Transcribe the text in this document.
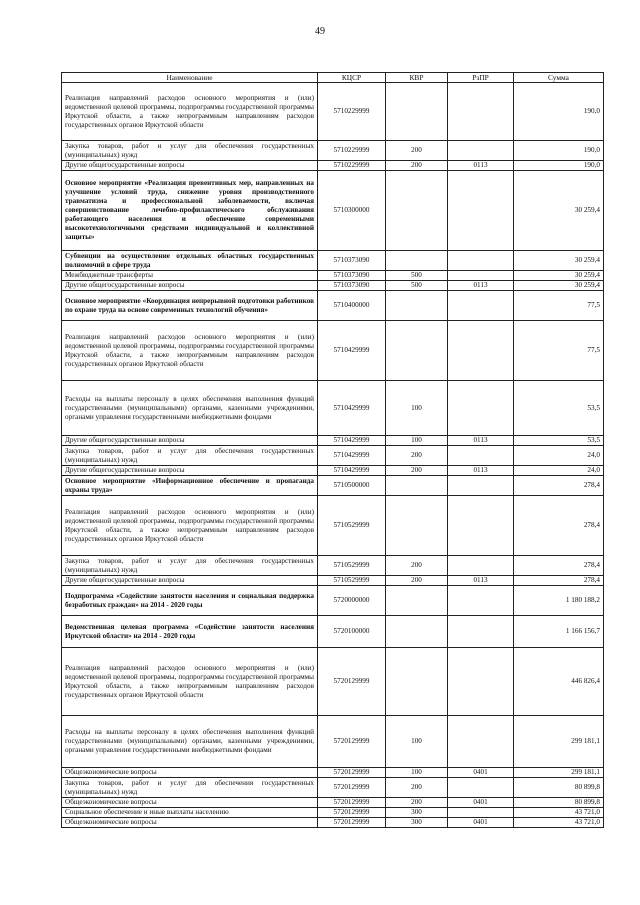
49
Наименование	КЦСР	КВР	РзПР	Сумма
Реализация направлений расходов основного мероприятия и (или) ведомственной целевой программы, подпрограммы государственной программы Иркутской области, а также непрограммным направлениям расходов государственных органов Иркутской области	5710229999			190,0
Закупка товаров, работ и услуг для обеспечения государственных (муниципальных) нужд	5710229999	200		190,0
Другие общегосударственные вопросы	5710229999	200	0113	190,0
Основное мероприятие «Реализация превентивных мер, направленных на улучшение условий труда, снижение уровня производственного травматизма и профессиональной заболеваемости, включая совершенствование лечебно-профилактического обслуживания работающего населения и обеспечение современными высокотехнологичными средствами индивидуальной и коллективной защиты»	5710300000			30 259,4
Субвенции на осуществление отдельных областных государственных полномочий в сфере труда	5710373090			30 259,4
Межбюджетные трансферты	5710373090	500		30 259,4
Другие общегосударственные вопросы	5710373090	500	0113	30 259,4
Основное мероприятие «Координация непрерывной подготовки работников по охране труда на основе современных технологий обучения»	5710400000			77,5
Реализация направлений расходов основного мероприятия и (или) ведомственной целевой программы, подпрограммы государственной программы Иркутской области, а также непрограммным направлениям расходов государственных органов Иркутской области	5710429999			77,5
Расходы на выплаты персоналу в целях обеспечения выполнения функций государственными (муниципальными) органами, казенными учреждениями, органами управления государственными внебюджетными фондами	5710429999	100		53,5
Другие общегосударственные вопросы	5710429999	100	0113	53,5
Закупка товаров, работ и услуг для обеспечения государственных (муниципальных) нужд	5710429999	200		24,0
Другие общегосударственные вопросы	5710429999	200	0113	24,0
Основное мероприятие «Информационное обеспечение и пропаганда охраны труда»	5710500000			278,4
Реализация направлений расходов основного мероприятия и (или) ведомственной целевой программы, подпрограммы государственной программы Иркутской области, а также непрограммным направлениям расходов государственных органов Иркутской области	5710529999			278,4
Закупка товаров, работ и услуг для обеспечения государственных (муниципальных) нужд	5710529999	200		278,4
Другие общегосударственные вопросы	5710529999	200	0113	278,4
Подпрограмма «Содействие занятости населения и социальная поддержка безработных граждан» на 2014 - 2020 годы	5720000000			1 180 188,2
Ведомственная целевая программа «Содействие занятости населения Иркутской области» на 2014 - 2020 годы	5720100000			1 166 156,7
Реализация направлений расходов основного мероприятия и (или) ведомственной целевой программы, подпрограммы государственной программы Иркутской области, а также непрограммным направлениям расходов государственных органов Иркутской области	5720129999			446 826,4
Расходы на выплаты персоналу в целях обеспечения выполнения функций государственными (муниципальными) органами, казенными учреждениями, органами управления государственными внебюджетными фондами	5720129999	100		299 181,1
Общеэкономические вопросы	5720129999	100	0401	299 181,1
Закупка товаров, работ и услуг для обеспечения государственных (муниципальных) нужд	5720129999	200		80 899,8
Общеэкономические вопросы	5720129999	200	0401	80 899,8
Социальное обеспечение и иные выплаты населению	5720129999	300		43 721,0
Общеэкономические вопросы	5720129999	300	0401	43 721,0
